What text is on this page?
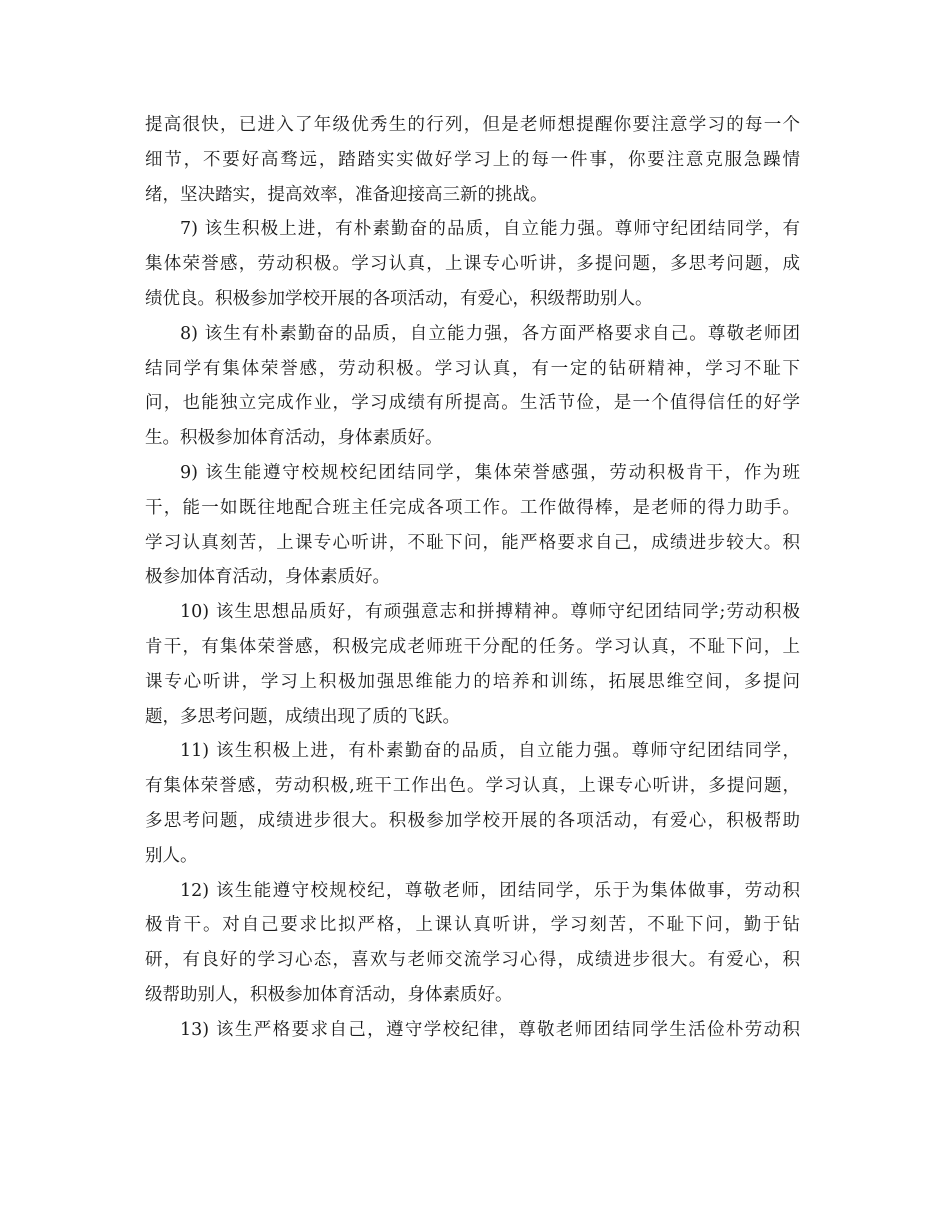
提高很快，已进入了年级优秀生的行列，但是老师想提醒你要注意学习的每一个
细节，不要好高骛远，踏踏实实做好学习上的每一件事，你要注意克服急躁情
绪，坚决踏实，提高效率，准备迎接高三新的挑战。
7) 该生积极上进，有朴素勤奋的品质，自立能力强。尊师守纪团结同学，有
集体荣誉感，劳动积极。学习认真，上课专心听讲，多提问题，多思考问题，成
绩优良。积极参加学校开展的各项活动，有爱心，积级帮助别人。
8) 该生有朴素勤奋的品质，自立能力强，各方面严格要求自己。尊敬老师团
结同学有集体荣誉感，劳动积极。学习认真，有一定的钻研精神，学习不耻下
问，也能独立完成作业，学习成绩有所提高。生活节俭，是一个值得信任的好学
生。积极参加体育活动，身体素质好。
9) 该生能遵守校规校纪团结同学，集体荣誉感强，劳动积极肯干，作为班
干，能一如既往地配合班主任完成各项工作。工作做得棒，是老师的得力助手。
学习认真刻苦，上课专心听讲，不耻下问，能严格要求自己，成绩进步较大。积
极参加体育活动，身体素质好。
10) 该生思想品质好，有顽强意志和拼搏精神。尊师守纪团结同学;劳动积极
肯干，有集体荣誉感，积极完成老师班干分配的任务。学习认真，不耻下问，上
课专心听讲，学习上积极加强思维能力的培养和训练，拓展思维空间，多提问
题，多思考问题，成绩出现了质的飞跃。
11) 该生积极上进，有朴素勤奋的品质，自立能力强。尊师守纪团结同学，
有集体荣誉感，劳动积极,班干工作出色。学习认真，上课专心听讲，多提问题，
多思考问题，成绩进步很大。积极参加学校开展的各项活动，有爱心，积极帮助
别人。
12) 该生能遵守校规校纪，尊敬老师，团结同学，乐于为集体做事，劳动积
极肯干。对自己要求比拟严格，上课认真听讲，学习刻苦，不耻下问，勤于钻
研，有良好的学习心态，喜欢与老师交流学习心得，成绩进步很大。有爱心，积
级帮助别人，积极参加体育活动，身体素质好。
13) 该生严格要求自己，遵守学校纪律，尊敬老师团结同学生活俭朴劳动积
